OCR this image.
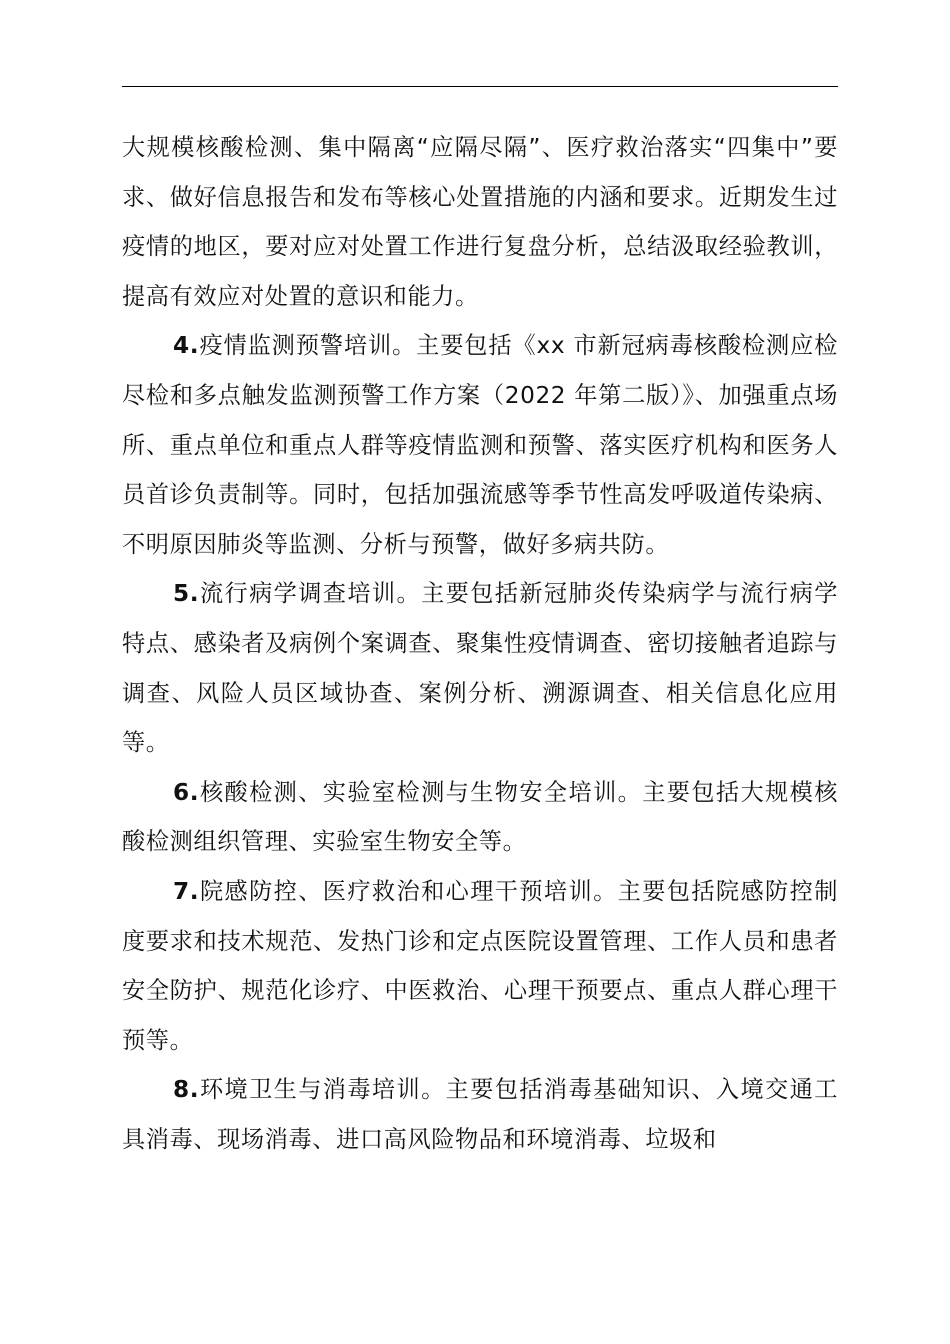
大规模核酸检测、集中隔离“应隔尽隔”、医疗救治落实“四集中”要求、做好信息报告和发布等核心处置措施的内涵和要求。近期发生过疫情的地区，要对应对处置工作进行复盘分析，总结汲取经验教训，提高有效应对处置的意识和能力。

4.疫情监测预警培训。主要包括《xx 市新冠病毒核酸检测应检尽检和多点触发监测预警工作方案（2022 年第二版）》、加强重点场所、重点单位和重点人群等疫情监测和预警、落实医疗机构和医务人员首诊负责制等。同时，包括加强流感等季节性高发呼吸道传染病、不明原因肺炎等监测、分析与预警，做好多病共防。

5.流行病学调查培训。主要包括新冠肺炎传染病学与流行病学特点、感染者及病例个案调查、聚集性疫情调查、密切接触者追踪与调查、风险人员区域协查、案例分析、溯源调查、相关信息化应用等。

6.核酸检测、实验室检测与生物安全培训。主要包括大规模核酸检测组织管理、实验室生物安全等。

7.院感防控、医疗救治和心理干预培训。主要包括院感防控制度要求和技术规范、发热门诊和定点医院设置管理、工作人员和患者安全防护、规范化诊疗、中医救治、心理干预要点、重点人群心理干预等。

8.环境卫生与消毒培训。主要包括消毒基础知识、入境交通工具消毒、现场消毒、进口高风险物品和环境消毒、垃圾和
